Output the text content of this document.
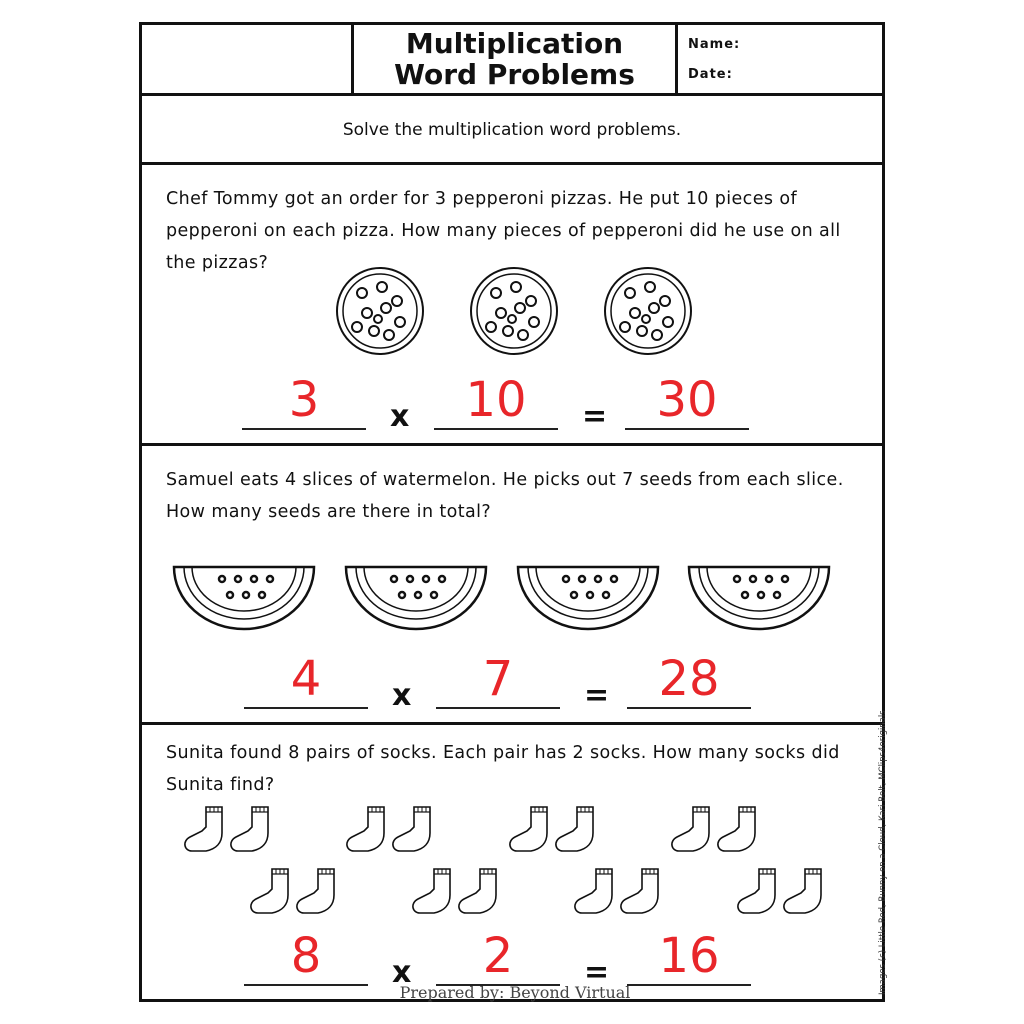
Multiplication
Word Problems
Name:
Date:
Solve the multiplication word problems.
Chef Tommy got an order for 3 pepperoni pizzas. He put 10 pieces of pepperoni on each pizza. How many pieces of pepperoni did he use on all the pizzas?
3	x	10	=	30
Samuel eats 4 slices of watermelon. He picks out 7 seeds from each slice. How many seeds are there in total?
4	x	7	=	28
Sunita found 8 pairs of socks. Each pair has 2 socks. How many socks did Sunita find?
8	x	2	=	16
Prepared by: Beyond Virtual	Images (c) Little Red, Bunny on a Cloud, Kari Bolt, MClips4originals
